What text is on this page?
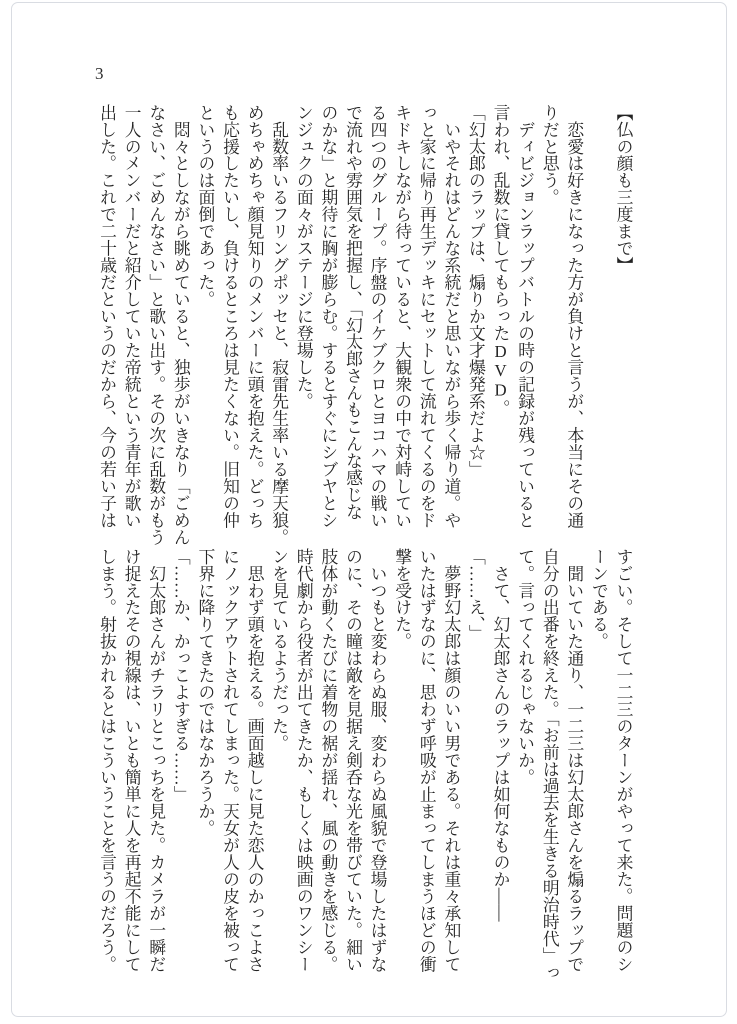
3

【仏の顔も三度まで】

　恋愛は好きになった方が負けと言うが、本当にその通

りだと思う。

　ディビジョンラップバトルの時の記録が残っていると

言われ、乱数に貸してもらったDVD。

「幻太郎のラップは、煽りか文才爆発系だよ☆」

　いやそれはどんな系統だと思いながら歩く帰り道。や

っと家に帰り再生デッキにセットして流れてくるのをド

キドキしながら待っていると、大観衆の中で対峙してい

る四つのグループ。序盤のイケブクロとヨコハマの戦い

で流れや雰囲気を把握し、「幻太郎さんもこんな感じな

のかな」と期待に胸が膨らむ。するとすぐにシブヤとシ

ンジュクの面々がステージに登場した。

　乱数率いるフリングポッセと、寂雷先生率いる摩天狼。

めちゃめちゃ顔見知りのメンバーに頭を抱えた。どっち

も応援したいし、負けるところは見たくない。旧知の仲

というのは面倒であった。

　悶々としながら眺めていると、独歩がいきなり「ごめん

なさい、ごめんなさい」と歌い出す。その次に乱数がもう

一人のメンバーだと紹介していた帝統という青年が歌い

出した。これで二十歳だというのだから、今の若い子は

すごい。そして一二三のターンがやって来た。問題のシ

ーンである。

　聞いていた通り、一二三は幻太郎さんを煽るラップで

自分の出番を終えた。「お前は過去を生きる明治時代」っ

て。言ってくれるじゃないか。

　さて、幻太郎さんのラップは如何なものか――

「……え、」

　夢野幻太郎は顔のいい男である。それは重々承知して

いたはずなのに、思わず呼吸が止まってしまうほどの衝

撃を受けた。

　いつもと変わらぬ服、変わらぬ風貌で登場したはずな

のに、その瞳は敵を見据え剣呑な光を帯びていた。細い

肢体が動くたびに着物の裾が揺れ、風の動きを感じる。

時代劇から役者が出てきたか、もしくは映画のワンシー

ンを見ているようだった。

　思わず頭を抱える。画面越しに見た恋人のかっこよさ

にノックアウトされてしまった。天女が人の皮を被って

下界に降りてきたのではなかろうか。

「……か、かっこよすぎる……」

　幻太郎さんがチラリとこっちを見た。カメラが一瞬だ

け捉えたその視線は、いとも簡単に人を再起不能にして

しまう。射抜かれるとはこういうことを言うのだろう。
